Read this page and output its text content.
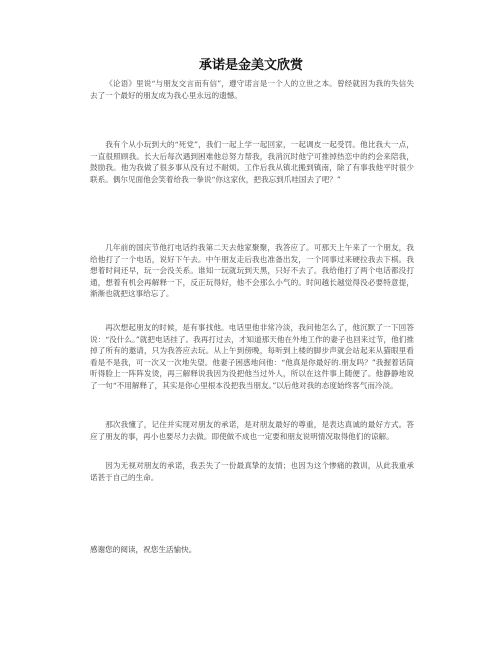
承诺是金美文欣赏

《论语》里说“与朋友交言而有信”，遵守诺言是一个人的立世之本。曾经就因为我的失信失去了一个最好的朋友成为我心里永远的遗憾。

我有个从小玩到大的“死党”，我们一起上学一起回家，一起调皮一起受罚。他比我大一点，一直很照顾我。长大后每次遇到困难他总努力帮我，我消沉时他宁可推掉热恋中的约会来陪我，鼓励我。他为我做了很多事从没有过不耐烦。工作后我从镇北搬到镇南，除了有事我他平时很少联系。偶尔见面他会笑着给我一拳说“你这家伙，把我忘到爪哇国去了吧？”

几年前的国庆节他打电话约我第二天去他家聚聚，我答应了。可那天上午来了一个朋友，我给他打了一个电话，说好下午去。中午朋友走后我也准备出发，一个同事过来硬拉我去下棋。我想着时间还早，玩一会没关系。谁知一玩就玩到天黑，只好不去了。我给他打了两个电话都没打通，想着有机会再解释一下，反正玩得好，他不会那么小气的。时间越长越觉得没必要特意提，渐渐也就把这事给忘了。

再次想起朋友的时候，是有事找他。电话里他非常冷淡，我问他怎么了，他沉默了一下回答说：“没什么。”就把电话挂了。我再打过去，才知道那天他在外地工作的妻子也回来过节，他们推掉了所有的邀请，只为我答应去玩。从上午到傍晚，每听到上楼的脚步声就会站起来从猫眼里看看是不是我，可一次又一次地失望。他妻子困惑地问他：“他真是你最好的.朋友吗？”我握着话筒听得脸上一阵阵发烫，再三解释说我因为没把他当过外人，所以在这件事上随便了。他静静地说了一句“不用解释了，其实是你心里根本没把我当朋友。”以后他对我的态度始终客气而冷淡。

那次我懂了，记住并实现对朋友的承诺，是对朋友最好的尊重，是表达真诚的最好方式。答应了朋友的事，再小也要尽力去做。即使做不成也一定要和朋友说明情况取得他们的谅解。

因为无视对朋友的承诺，我丢失了一份最真挚的友情；也因为这个惨痛的教训，从此我重承诺甚于自己的生命。

感谢您的阅读，祝您生活愉快。
